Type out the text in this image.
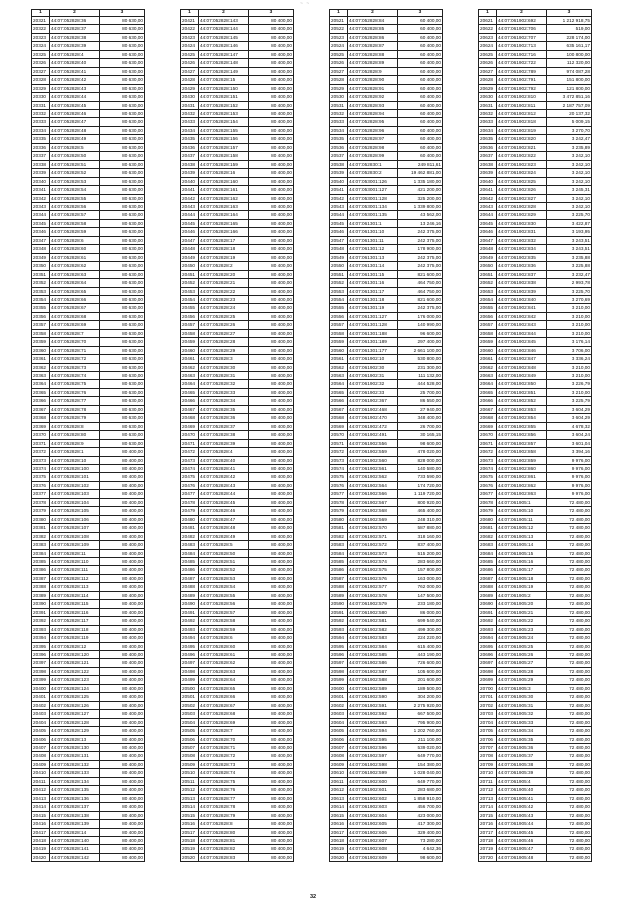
~ ~
1	2	3
20321	44:07:052828:36	80 630,00
20322	44:07:052828:37	80 630,00
20323	44:07:052828:38	80 630,00
20324	44:07:052828:39	80 630,00
20325	44:07:052828:4	80 630,00
20326	44:07:052828:40	80 630,00
20327	44:07:052828:41	80 630,00
20328	44:07:052828:42	80 630,00
20329	44:07:052828:43	80 630,00
20330	44:07:052828:44	80 630,00
20331	44:07:052828:45	80 630,00
20332	44:07:052828:46	80 630,00
20333	44:07:052828:47	80 630,00
20334	44:07:052828:48	80 630,00
20335	44:07:052828:49	80 630,00
20336	44:07:052828:5	80 630,00
20337	44:07:052828:50	80 630,00
20338	44:07:052828:51	80 630,00
20339	44:07:052828:52	80 630,00
20340	44:07:052828:53	80 630,00
20341	44:07:052828:54	80 630,00
20342	44:07:052828:55	80 630,00
20343	44:07:052828:56	80 630,00
20344	44:07:052828:57	80 630,00
20345	44:07:052828:58	80 630,00
20346	44:07:052828:59	80 630,00
20347	44:07:052828:6	80 630,00
20348	44:07:052828:60	80 630,00
20349	44:07:052828:61	80 630,00
20350	44:07:052828:62	80 630,00
20351	44:07:052828:63	80 630,00
20352	44:07:052828:64	80 630,00
20353	44:07:052828:65	80 630,00
20354	44:07:052828:66	80 630,00
20355	44:07:052828:67	80 630,00
20356	44:07:052828:68	80 630,00
20357	44:07:052828:69	80 630,00
20358	44:07:052828:7	80 630,00
20359	44:07:052828:70	80 630,00
20360	44:07:052828:71	80 630,00
20361	44:07:052828:72	80 630,00
20362	44:07:052828:73	80 630,00
20363	44:07:052828:74	80 630,00
20364	44:07:052828:75	80 630,00
20365	44:07:052828:76	80 630,00
20366	44:07:052828:77	80 630,00
20367	44:07:052828:78	80 630,00
20368	44:07:052828:79	80 630,00
20369	44:07:052828:8	80 630,00
20370	44:07:052828:80	80 630,00
20371	44:07:052828:9	80 630,00
20372	44:07:052828:1	80 400,00
20373	44:07:052828:10	80 400,00
20374	44:07:052828:100	80 400,00
20375	44:07:052828:101	80 400,00
20376	44:07:052828:102	80 400,00
20377	44:07:052828:103	80 400,00
20378	44:07:052828:104	80 400,00
20379	44:07:052828:105	80 400,00
20380	44:07:052828:106	80 400,00
20381	44:07:052828:107	80 400,00
20382	44:07:052828:108	80 400,00
20383	44:07:052828:109	80 400,00
20384	44:07:052828:11	80 400,00
20385	44:07:052828:110	80 400,00
20386	44:07:052828:111	80 400,00
20387	44:07:052828:112	80 400,00
20388	44:07:052828:113	80 400,00
20389	44:07:052828:114	80 400,00
20390	44:07:052828:115	80 400,00
20391	44:07:052828:116	80 400,00
20392	44:07:052828:117	80 400,00
20393	44:07:052828:118	80 400,00
20394	44:07:052828:119	80 400,00
20395	44:07:052828:12	80 400,00
20396	44:07:052828:120	80 400,00
20397	44:07:052828:121	80 400,00
20398	44:07:052828:122	80 400,00
20399	44:07:052828:123	80 400,00
20400	44:07:052828:124	80 400,00
20401	44:07:052828:125	80 400,00
20402	44:07:052828:126	80 400,00
20403	44:07:052828:127	80 400,00
20404	44:07:052828:128	80 400,00
20405	44:07:052828:129	80 400,00
20406	44:07:052828:13	80 400,00
20407	44:07:052828:130	80 400,00
20408	44:07:052828:131	80 400,00
20409	44:07:052828:132	80 400,00
20410	44:07:052828:133	80 400,00
20411	44:07:052828:134	80 400,00
20412	44:07:052828:135	80 400,00
20413	44:07:052828:136	80 400,00
20414	44:07:052828:137	80 400,00
20415	44:07:052828:138	80 400,00
20416	44:07:052828:139	80 400,00
20417	44:07:052828:14	80 400,00
20418	44:07:052828:140	80 400,00
20419	44:07:052828:141	80 400,00
20420	44:07:052828:142	80 400,00
1	2	3
20421	44:07:052828:143	80 400,00
20422	44:07:052828:144	80 400,00
20423	44:07:052828:145	80 400,00
20424	44:07:052828:146	80 400,00
20425	44:07:052828:147	80 400,00
20426	44:07:052828:148	80 400,00
20427	44:07:052828:149	80 400,00
20428	44:07:052828:15	80 400,00
20429	44:07:052828:150	80 400,00
20430	44:07:052828:151	80 400,00
20431	44:07:052828:152	80 400,00
20432	44:07:052828:153	80 400,00
20433	44:07:052828:154	80 400,00
20434	44:07:052828:155	80 400,00
20435	44:07:052828:156	80 400,00
20436	44:07:052828:157	80 400,00
20437	44:07:052828:158	80 400,00
20438	44:07:052828:159	80 400,00
20439	44:07:052828:16	80 400,00
20440	44:07:052828:160	80 400,00
20441	44:07:052828:161	80 400,00
20442	44:07:052828:162	80 400,00
20443	44:07:052828:163	80 400,00
20444	44:07:052828:164	80 400,00
20445	44:07:052828:165	80 400,00
20446	44:07:052828:166	80 400,00
20447	44:07:052828:17	80 400,00
20448	44:07:052828:18	80 400,00
20449	44:07:052828:19	80 400,00
20450	44:07:052828:2	80 400,00
20451	44:07:052828:20	80 400,00
20452	44:07:052828:21	80 400,00
20453	44:07:052828:22	80 400,00
20454	44:07:052828:23	80 400,00
20455	44:07:052828:24	80 400,00
20456	44:07:052828:25	80 400,00
20457	44:07:052828:26	80 400,00
20458	44:07:052828:27	80 400,00
20459	44:07:052828:28	80 400,00
20460	44:07:052828:29	80 400,00
20461	44:07:052828:3	80 400,00
20462	44:07:052828:30	80 400,00
20463	44:07:052828:31	80 400,00
20464	44:07:052828:32	80 400,00
20465	44:07:052828:33	80 400,00
20466	44:07:052828:34	80 400,00
20467	44:07:052828:35	80 400,00
20468	44:07:052828:36	80 400,00
20469	44:07:052828:37	80 400,00
20470	44:07:052828:38	80 400,00
20471	44:07:052828:39	80 400,00
20472	44:07:052828:4	80 400,00
20473	44:07:052828:40	80 400,00
20474	44:07:052828:41	80 400,00
20475	44:07:052828:42	80 400,00
20476	44:07:052828:43	80 400,00
20477	44:07:052828:44	80 400,00
20478	44:07:052828:45	80 400,00
20479	44:07:052828:46	80 400,00
20480	44:07:052828:47	80 400,00
20481	44:07:052828:48	80 400,00
20482	44:07:052828:49	80 400,00
20483	44:07:052828:5	80 400,00
20484	44:07:052828:50	80 400,00
20485	44:07:052828:51	80 400,00
20486	44:07:052828:52	80 400,00
20487	44:07:052828:53	80 400,00
20488	44:07:052828:54	80 400,00
20489	44:07:052828:55	80 400,00
20490	44:07:052828:56	80 400,00
20491	44:07:052828:57	80 400,00
20492	44:07:052828:58	80 400,00
20493	44:07:052828:59	80 400,00
20494	44:07:052828:6	80 400,00
20495	44:07:052828:60	80 400,00
20496	44:07:052828:61	80 400,00
20497	44:07:052828:62	80 400,00
20498	44:07:052828:63	80 400,00
20499	44:07:052828:64	80 400,00
20500	44:07:052828:65	80 400,00
20501	44:07:052828:66	80 400,00
20502	44:07:052828:67	80 400,00
20503	44:07:052828:68	80 400,00
20504	44:07:052828:69	80 400,00
20505	44:07:052828:7	80 400,00
20506	44:07:052828:70	80 400,00
20507	44:07:052828:71	80 400,00
20508	44:07:052828:72	80 400,00
20509	44:07:052828:73	80 400,00
20510	44:07:052828:74	80 400,00
20511	44:07:052828:75	80 400,00
20512	44:07:052828:76	80 400,00
20513	44:07:052828:77	80 400,00
20514	44:07:052828:78	80 400,00
20515	44:07:052828:79	80 400,00
20516	44:07:052828:8	80 400,00
20517	44:07:052828:80	80 400,00
20518	44:07:052828:81	80 400,00
20519	44:07:052828:82	80 400,00
20520	44:07:052828:83	80 400,00
1	2	3
20521	44:07:052828:84	60 400,00
20522	44:07:052828:85	60 400,00
20523	44:07:052828:86	60 400,00
20524	44:07:052828:87	60 400,00
20525	44:07:052828:88	60 400,00
20526	44:07:052828:89	60 400,00
20527	44:07:052828:9	60 400,00
20528	44:07:052828:90	60 400,00
20529	44:07:052828:91	60 400,00
20530	44:07:052828:92	60 400,00
20531	44:07:052828:93	60 400,00
20532	44:07:052828:94	60 400,00
20533	44:07:052828:95	60 400,00
20534	44:07:052828:96	60 400,00
20535	44:07:052828:97	60 400,00
20536	44:07:052828:98	60 400,00
20537	44:07:052828:99	60 400,00
20538	44:07:052830:1	249 811,61
20539	44:07:052830:2	19 462 881,00
20540	44:07:053001:126	1 335 180,00
20541	44:07:053001:127	421 200,00
20542	44:07:053001:128	325 200,00
20543	44:07:053001:134	1 339 800,00
20544	44:07:053001:135	43 562,00
20545	44:07:061301:1	13 246,16
20546	44:07:061301:10	242 375,00
20547	44:07:061301:11	242 375,00
20548	44:07:061301:12	178 900,00
20549	44:07:061301:13	242 375,00
20550	44:07:061301:14	242 375,00
20551	44:07:061301:15	821 600,00
20552	44:07:061301:16	464 750,00
20553	44:07:061301:17	464 750,00
20554	44:07:061301:18	821 600,00
20555	44:07:061301:19	242 375,00
20556	44:07:061301:127	176 000,00
20557	44:07:061301:128	140 990,00
20558	44:07:061301:188	96 600,00
20559	44:07:061301:189	297 400,00
20560	44:07:061301:177	2 661 100,00
20561	44:07:061902:10	530 800,00
20562	44:07:061902:30	231 300,00
20563	44:07:061902:31	111 132,00
20564	44:07:061902:32	444 528,00
20565	44:07:061902:33	25 700,00
20566	44:07:061902:367	86 550,00
20567	44:07:061902:468	27 940,00
20568	44:07:061902:470	348 400,00
20569	44:07:061902:472	26 700,00
20570	44:07:061902:491	30 165,15
20571	44:07:061902:556	98 600,00
20572	44:07:061902:559	478 020,00
20573	44:07:061902:560	828 000,00
20574	44:07:061902:561	140 580,00
20575	44:07:061902:562	733 590,00
20576	44:07:061902:564	174 720,00
20577	44:07:061902:566	1 119 720,00
20578	44:07:061902:567	800 920,00
20579	44:07:061902:568	465 400,00
20580	44:07:061902:569	248 310,00
20581	44:07:061902:570	587 880,00
20582	44:07:061902:571	318 160,00
20583	44:07:061902:572	837 400,00
20584	44:07:061902:573	515 200,00
20585	44:07:061902:574	283 660,00
20586	44:07:061902:575	157 800,00
20587	44:07:061902:576	163 000,00
20588	44:07:061902:577	762 000,00
20589	44:07:061902:578	147 500,00
20590	44:07:061902:579	233 180,00
20591	44:07:061902:580	86 000,00
20592	44:07:061902:581	699 540,00
20593	44:07:061902:582	499 300,00
20594	44:07:061902:583	224 220,00
20595	44:07:061902:584	615 400,00
20596	44:07:061902:585	443 190,00
20597	44:07:061902:586	726 600,00
20598	44:07:061902:587	105 600,00
20599	44:07:061902:588	201 600,00
20600	44:07:061902:589	189 500,00
20601	44:07:061902:590	304 200,00
20602	44:07:061902:591	2 275 920,00
20603	44:07:061902:592	667 500,00
20604	44:07:061902:593	795 900,00
20605	44:07:061902:594	1 202 760,00
20606	44:07:061902:595	211 100,00
20607	44:07:061902:596	539 020,00
20608	44:07:061902:597	649 770,00
20609	44:07:061902:598	154 380,00
20610	44:07:061902:599	1 028 040,00
20611	44:07:061902:600	649 770,00
20612	44:07:061902:601	283 680,00
20613	44:07:061902:602	1 858 910,00
20614	44:07:061902:603	456 700,00
20615	44:07:061902:604	423 000,00
20616	44:07:061902:605	417 300,00
20617	44:07:061902:606	329 400,00
20618	44:07:061902:607	73 280,00
20619	44:07:061902:608	4 642,36
20620	44:07:061902:609	98 600,00
1	2	3
20621	44:07:061902:692	1 212 918,75
20622	44:07:061902:706	519,00
20623	44:07:061902:707	228 174,00
20624	44:07:061902:713	635 161,17
20625	44:07:061902:716	100 800,00
20626	44:07:061902:722	112 320,00
20627	44:07:061902:789	974 087,28
20628	44:07:061902:791	151 800,00
20629	44:07:061902:792	121 800,00
20630	44:07:061902:810	3 472 851,16
20631	44:07:061902:811	2 187 757,09
20632	44:07:061902:812	20 137,32
20633	44:07:061902:818	5 009,15
20634	44:07:061902:819	3 270,70
20635	44:07:061902:820	3 242,47
20636	44:07:061902:821	3 235,89
20637	44:07:061902:822	3 242,10
20638	44:07:061902:823	3 242,10
20639	44:07:061902:824	3 242,10
20640	44:07:061902:825	3 242,10
20641	44:07:061902:826	3 245,31
20642	44:07:061902:827	3 242,10
20643	44:07:061902:828	3 242,10
20644	44:07:061902:829	3 225,70
20645	44:07:061902:830	3 422,87
20646	44:07:061902:831	3 193,95
20647	44:07:061902:832	3 243,51
20648	44:07:061902:834	3 243,51
20649	44:07:061902:835	3 235,88
20650	44:07:061902:836	3 225,88
20651	44:07:061902:837	3 232,47
20652	44:07:061902:838	2 993,78
20653	44:07:061902:839	3 225,70
20654	44:07:061902:840	3 270,69
20655	44:07:061902:841	3 210,00
20656	44:07:061902:842	3 210,00
20657	44:07:061902:843	3 210,00
20658	44:07:061902:844	3 210,00
20659	44:07:061902:845	3 176,14
20660	44:07:061902:846	3 706,00
20661	44:07:061902:847	3 336,24
20662	44:07:061902:848	3 210,00
20663	44:07:061902:849	3 210,00
20664	44:07:061902:850	3 226,79
20665	44:07:061902:851	3 210,00
20666	44:07:061902:852	3 225,79
20667	44:07:061902:853	3 604,29
20668	44:07:061902:854	3 604,29
20669	44:07:061902:855	4 678,32
20670	44:07:061902:856	3 604,24
20671	44:07:061902:857	3 601,04
20672	44:07:061902:858	3 394,16
20673	44:07:061902:859	9 976,00
20674	44:07:061902:860	9 976,00
20675	44:07:061902:861	9 976,00
20676	44:07:061902:862	9 976,00
20677	44:07:061902:863	9 976,00
20678	44:07:061905:1	72 480,00
20679	44:07:061905:10	72 480,00
20680	44:07:061905:11	72 480,00
20681	44:07:061905:12	72 480,00
20682	44:07:061905:13	72 480,00
20683	44:07:061905:14	72 480,00
20684	44:07:061905:15	72 480,00
20685	44:07:061905:16	72 480,00
20686	44:07:061905:17	72 480,00
20687	44:07:061905:18	72 480,00
20688	44:07:061905:19	72 480,00
20689	44:07:061905:2	72 480,00
20690	44:07:061905:20	72 480,00
20691	44:07:061905:21	72 480,00
20692	44:07:061905:22	72 480,00
20693	44:07:061905:23	72 480,00
20694	44:07:061905:24	72 480,00
20695	44:07:061905:25	72 480,00
20696	44:07:061905:26	72 480,00
20697	44:07:061905:27	72 480,00
20698	44:07:061905:28	72 480,00
20699	44:07:061905:29	72 480,00
20700	44:07:061905:3	72 480,00
20701	44:07:061905:30	72 480,00
20702	44:07:061905:31	72 480,00
20703	44:07:061905:32	72 480,00
20704	44:07:061905:33	72 480,00
20705	44:07:061905:34	72 480,00
20706	44:07:061905:35	72 480,00
20707	44:07:061905:36	72 480,00
20708	44:07:061905:37	72 480,00
20709	44:07:061905:38	72 480,00
20710	44:07:061905:39	72 480,00
20711	44:07:061905:4	72 480,00
20712	44:07:061905:40	72 480,00
20713	44:07:061905:41	72 480,00
20714	44:07:061905:42	72 480,00
20715	44:07:061905:43	72 480,00
20716	44:07:061905:44	72 480,00
20717	44:07:061905:45	72 480,00
20718	44:07:061905:46	72 480,00
20719	44:07:061905:47	72 480,00
20720	44:07:061905:48	72 480,00
32
